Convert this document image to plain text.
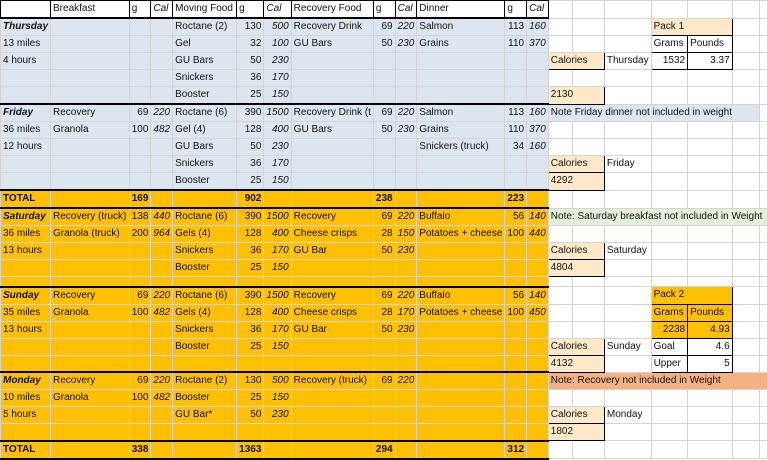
	Breakfast	g	Cal	Moving Food	g	Cal	Recovery Food	g	Cal	Dinner	g	Cal							
Thursday				Roctane (2)	130	500	Recovery Drink	69	220	Salmon	113	160				Pack 1			
13 miles				Gel	32	100	GU Bars	50	230	Grains	110	370				Grams	Pounds		
4 hours				GU Bars	50	230							Calories		Thursday	1532	3.37		
				Snickers	36	170													
				Booster	25	150							2130						
Friday	Recovery	69	220	Roctane (6)	390	1500	Recovery Drink (t	69	220	Salmon	113	160	Note Friday dinner not included in weight						
36 miles	Granola	100	482	Gel (4)	128	400	GU Bars	50	230	Grains	110	370							
12 hours				GU Bars	50	230				Snickers (truck)	34	160							
				Snickers	36	170							Calories		Friday				
				Booster	25	150							4292						
TOTAL		169			902			238			223								
Saturday	Recovery (truck)	138	440	Roctane (6)	390	1500	Recovery	69	220	Buffalo	56	140	Note: Saturday breakfast not included in Weight						
36 miles	Granola (truck)	200	964	Gels (4)	128	400	Cheese crisps	28	150	Potatoes + cheese	100	440							
13 hours				Snickers	36	170	GU Bar	50	230				Calories		Saturday				
				Booster	25	150							4804						

Sunday	Recovery	69	220	Roctane (6)	390	1500	Recovery	69	220	Buffalo	56	140				Pack 2			
35 miles	Granola	100	482	Gels (4)	128	400	Cheese crisps	28	170	Potatoes + cheese	100	450				Grams	Pounds		
13 hours				Snickers	36	170	GU Bar	50	230							2238	4.93		
				Booster	25	150							Calories		Sunday	Goal	4.6		
													4132			Upper	5		
Monday	Recovery	69	220	Roctane (2)	130	500	Recovery (truck)	69	220				Note: Recovery not included in Weight						
10 miles	Granola	100	482	Booster	25	150													
5 hours				GU Bar*	50	230							Calories		Monday				
													1802						
TOTAL		338			1363			294			312								
